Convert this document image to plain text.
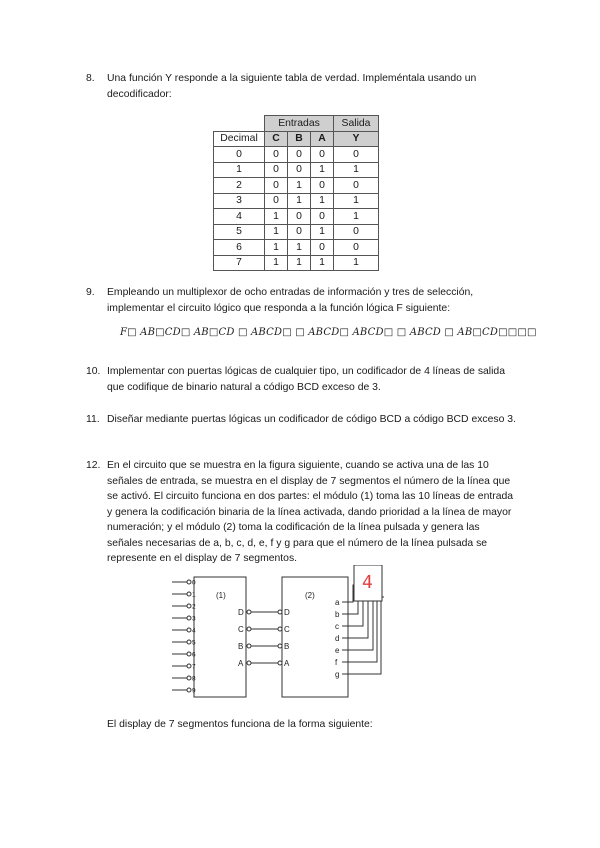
8. Una función Y responde a la siguiente tabla de verdad. Impleméntala usando un decodificador:
	Entradas			Salida
Decimal	C	B	A	Y
0	0	0	0	0
1	0	0	1	1
2	0	1	0	0
3	0	1	1	1
4	1	0	0	1
5	1	0	1	0
6	1	1	0	0
7	1	1	1	1
9. Empleando un multiplexor de ocho entradas de información y tres de selección, implementar el circuito lógico que responda a la función lógica F siguiente:
F□ AB□CD□ AB□CD □ ABCD□ □ ABCD□ ABCD□ □ ABCD □ AB□CD□□□□
10. Implementar con puertas lógicas de cualquier tipo, un codificador de 4 líneas de salida que codifique de binario natural a código BCD exceso de 3.
11. Diseñar mediante puertas lógicas un codificador de código BCD a código BCD exceso 3.
12. En el circuito que se muestra en la figura siguiente, cuando se activa una de las 10 señales de entrada, se muestra en el display de 7 segmentos el número de la línea que se activó. El circuito funciona en dos partes: el módulo (1) toma las 10 líneas de entrada y genera la codificación binaria de la línea activada, dando prioridad a la línea de mayor numeración; y el módulo (2) toma la codificación de la línea pulsada y genera las señales necesarias de a, b, c, d, e, f y g para que el número de la línea pulsada se represente en el display de 7 segmentos.
(1)
0
1
2
3
4
5
6
7
8
9
D
C
B
A
(2)
D
C
B
A
a
b
c
d
e
f
g
4
El display de 7 segmentos funciona de la forma siguiente:
